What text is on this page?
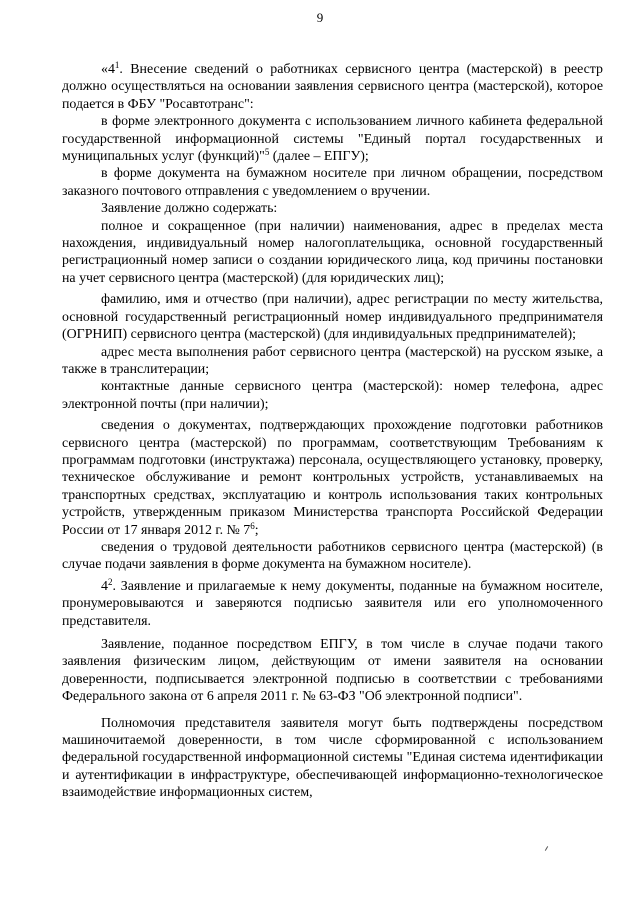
9

«$4^1$. Внесение сведений о работниках сервисного центра (мастерской) в реестр должно осуществляться на основании заявления сервисного центра (мастерской), которое подается в ФБУ "Росавтотранс":

в форме электронного документа с использованием личного кабинета федеральной государственной информационной системы "Единый портал государственных и муниципальных услуг (функций)"$^5$ (далее – ЕПГУ);

в форме документа на бумажном носителе при личном обращении, посредством заказного почтового отправления с уведомлением о вручении.

Заявление должно содержать:

полное и сокращенное (при наличии) наименования, адрес в пределах места нахождения, индивидуальный номер налогоплательщика, основной государственный регистрационный номер записи о создании юридического лица, код причины постановки на учет сервисного центра (мастерской) (для юридических лиц);

фамилию, имя и отчество (при наличии), адрес регистрации по месту жительства, основной государственный регистрационный номер индивидуального предпринимателя (ОГРНИП) сервисного центра (мастерской) (для индивидуальных предпринимателей);

адрес места выполнения работ сервисного центра (мастерской) на русском языке, а также в транслитерации;

контактные данные сервисного центра (мастерской): номер телефона, адрес электронной почты (при наличии);

сведения о документах, подтверждающих прохождение подготовки работников сервисного центра (мастерской) по программам, соответствующим Требованиям к программам подготовки (инструктажа) персонала, осуществляющего установку, проверку, техническое обслуживание и ремонт контрольных устройств, устанавливаемых на транспортных средствах, эксплуатацию и контроль использования таких контрольных устройств, утвержденным приказом Министерства транспорта Российской Федерации России от 17 января 2012 г. № $7^6$;

сведения о трудовой деятельности работников сервисного центра (мастерской) (в случае подачи заявления в форме документа на бумажном носителе).

$4^2$. Заявление и прилагаемые к нему документы, поданные на бумажном носителе, пронумеровываются и заверяются подписью заявителя или его уполномоченного представителя.

Заявление, поданное посредством ЕПГУ, в том числе в случае подачи такого заявления физическим лицом, действующим от имени заявителя на основании доверенности, подписывается электронной подписью в соответствии с требованиями Федерального закона от 6 апреля 2011 г. № 63-ФЗ "Об электронной подписи".

Полномочия представителя заявителя могут быть подтверждены посредством машиночитаемой доверенности, в том числе сформированной с использованием федеральной государственной информационной системы "Единая система идентификации и аутентификации в инфраструктуре, обеспечивающей информационно-технологическое взаимодействие информационных систем,
